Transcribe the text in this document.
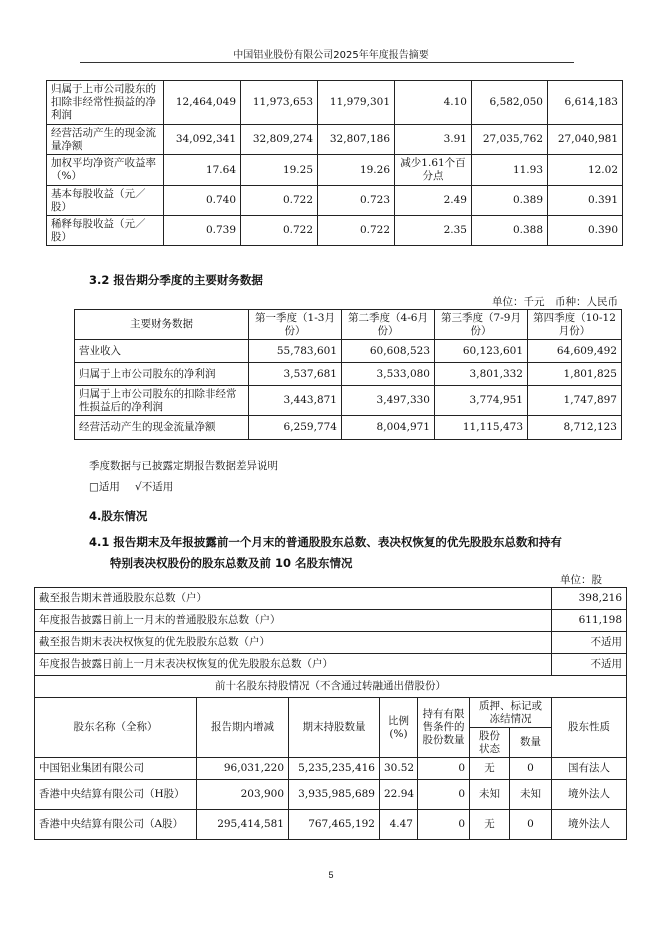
中国铝业股份有限公司2025年年度报告摘要
归属于上市公司股东的扣除非经常性损益的净利润	12,464,049	11,973,653	11,979,301	4.10	6,582,050	6,614,183
经营活动产生的现金流量净额	34,092,341	32,809,274	32,807,186	3.91	27,035,762	27,040,981
加权平均净资产收益率（%）	17.64	19.25	19.26	减少1.61个百分点	11.93	12.02
基本每股收益（元／股）	0.740	0.722	0.723	2.49	0.389	0.391
稀释每股收益（元／股）	0.739	0.722	0.722	2.35	0.388	0.390
3.2 报告期分季度的主要财务数据
单位：千元　币种：人民币
主要财务数据	第一季度（1-3月份）	第二季度（4-6月份）	第三季度（7-9月份）	第四季度（10-12月份）
营业收入	55,783,601	60,608,523	60,123,601	64,609,492
归属于上市公司股东的净利润	3,537,681	3,533,080	3,801,332	1,801,825
归属于上市公司股东的扣除非经常性损益后的净利润	3,443,871	3,497,330	3,774,951	1,747,897
经营活动产生的现金流量净额	6,259,774	8,004,971	11,115,473	8,712,123
季度数据与已披露定期报告数据差异说明
□适用 √不适用
4.股东情况
4.1 报告期末及年报披露前一个月末的普通股股东总数、表决权恢复的优先股股东总数和持有
特别表决权股份的股东总数及前 10 名股东情况
单位：股
截至报告期末普通股股东总数（户）							398,216
年度报告披露日前上一月末的普通股股东总数（户）							611,198
截至报告期末表决权恢复的优先股股东总数（户）							不适用
年度报告披露日前上一月末表决权恢复的优先股股东总数（户）							不适用
前十名股东持股情况（不含通过转融通出借股份）							
股东名称（全称）	报告期内增减	期末持股数量	比例(%)	持有有限售条件的股份数量	质押、标记或冻结情况		股东性质
					股份状态	数量	
中国铝业集团有限公司	96,031,220	5,235,235,416	30.52	0	无	0	国有法人
香港中央结算有限公司（H股）	203,900	3,935,985,689	22.94	0	未知	未知	境外法人
香港中央结算有限公司（A股）	295,414,581	767,465,192	4.47	0	无	0	境外法人
5
